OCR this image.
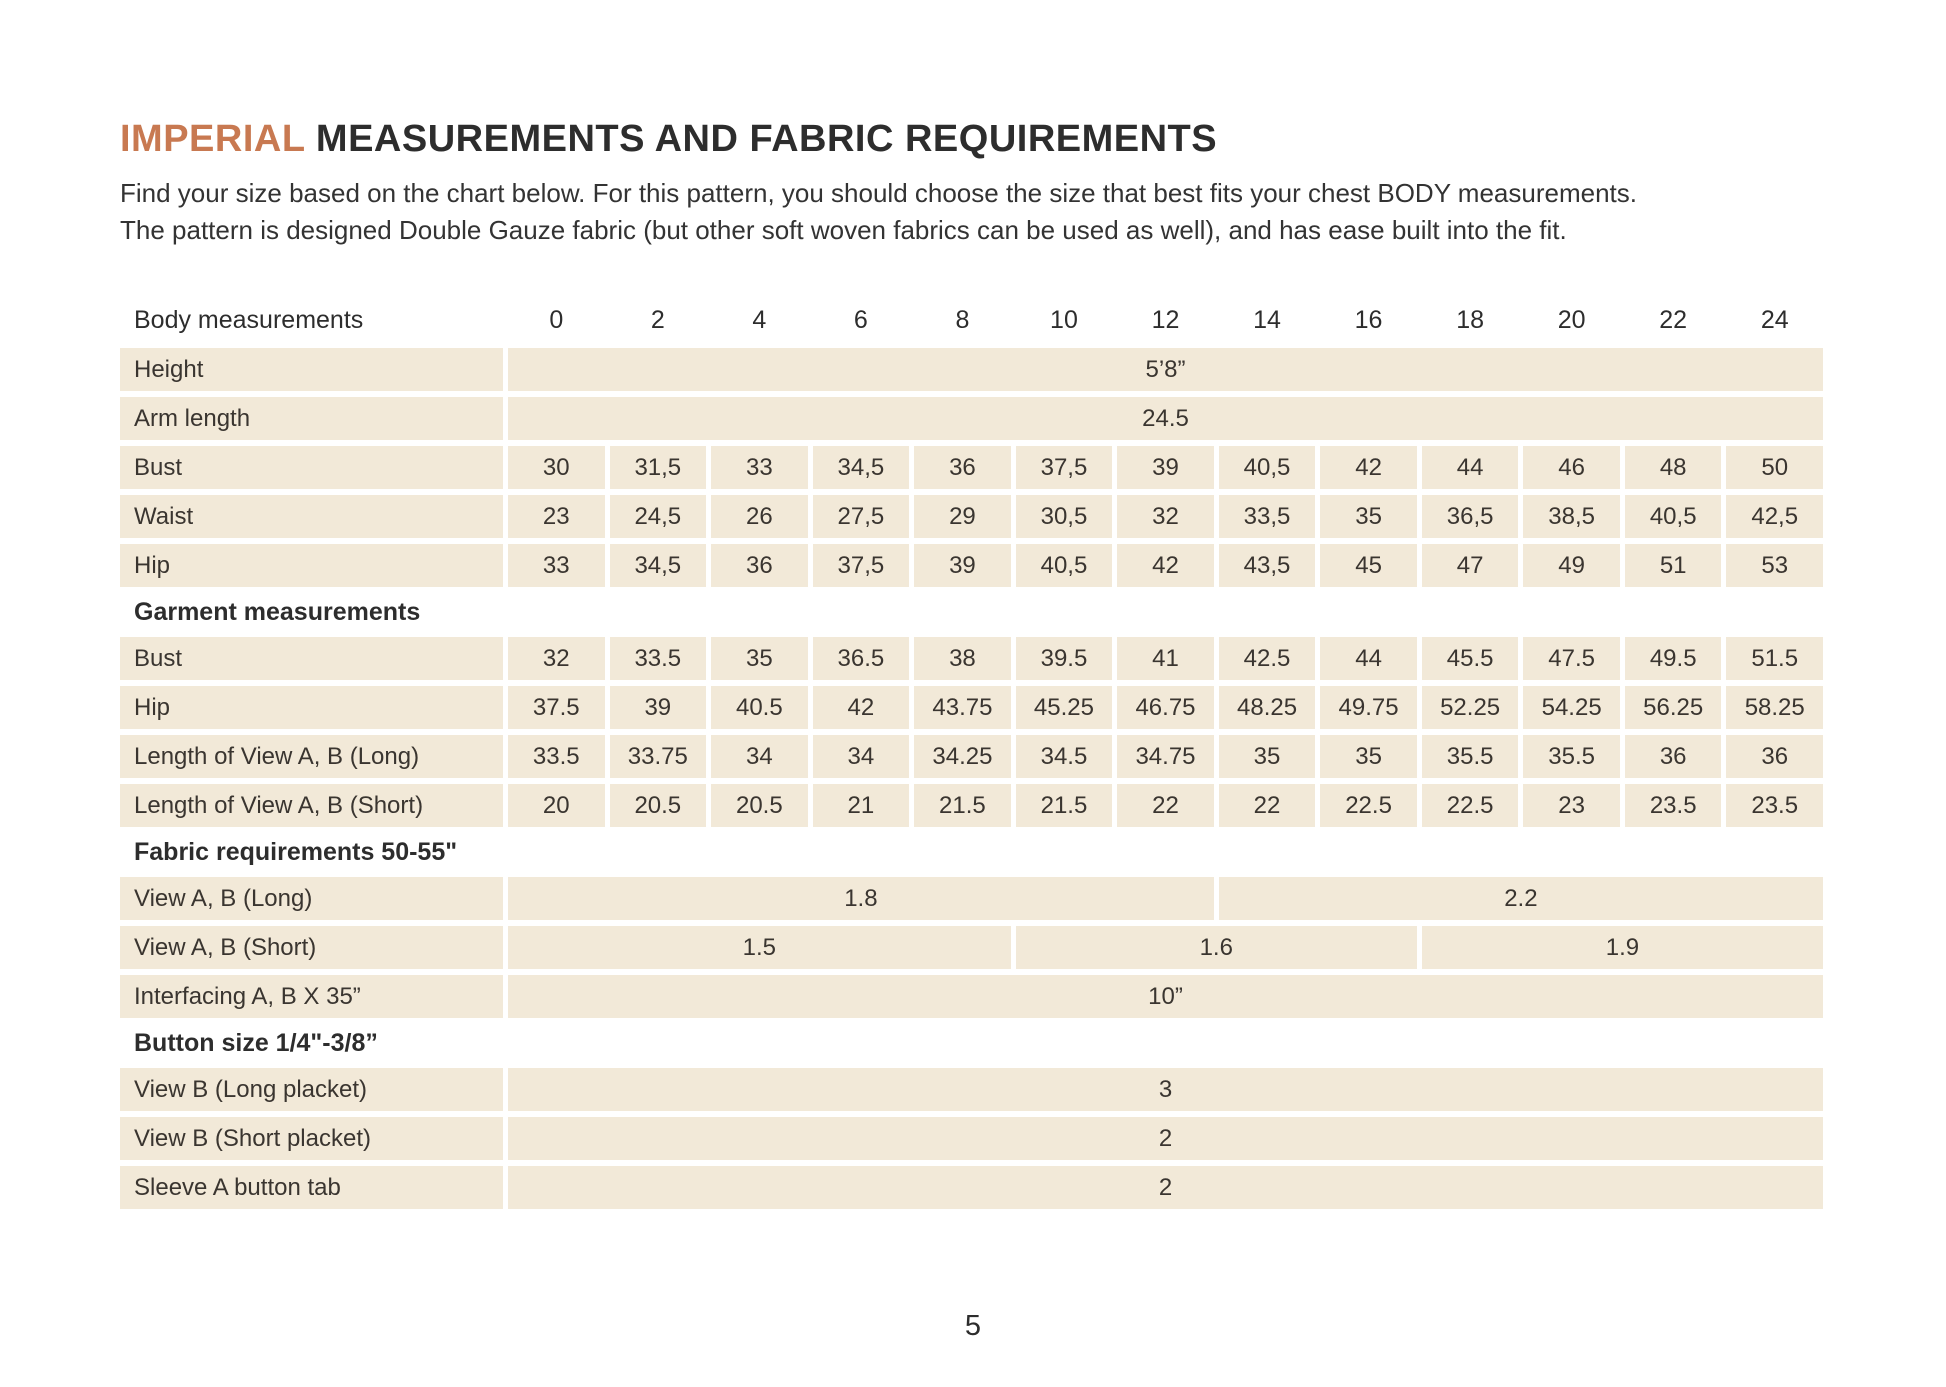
IMPERIAL MEASUREMENTS AND FABRIC REQUIREMENTS
Find your size based on the chart below. For this pattern, you should choose the size that best fits your chest BODY measurements.
The pattern is designed Double Gauze fabric (but other soft woven fabrics can be used as well), and has ease built into the fit.
Body measurements	0	2	4	6	8	10	12	14	16	18	20	22	24
Height	5’8”
Arm length	24.5
Bust	30	31,5	33	34,5	36	37,5	39	40,5	42	44	46	48	50
Waist	23	24,5	26	27,5	29	30,5	32	33,5	35	36,5	38,5	40,5	42,5
Hip	33	34,5	36	37,5	39	40,5	42	43,5	45	47	49	51	53
Garment measurements
Bust	32	33.5	35	36.5	38	39.5	41	42.5	44	45.5	47.5	49.5	51.5
Hip	37.5	39	40.5	42	43.75	45.25	46.75	48.25	49.75	52.25	54.25	56.25	58.25
Length of View A, B (Long)	33.5	33.75	34	34	34.25	34.5	34.75	35	35	35.5	35.5	36	36
Length of View A, B (Short)	20	20.5	20.5	21	21.5	21.5	22	22	22.5	22.5	23	23.5	23.5
Fabric requirements 50-55"
View A, B (Long)	1.8	2.2
View A, B (Short)	1.5	1.6	1.9
Interfacing A, B X 35”	10”
Button size 1/4"-3/8”
View B (Long placket)	3
View B (Short placket)	2
Sleeve A button tab	2
5
